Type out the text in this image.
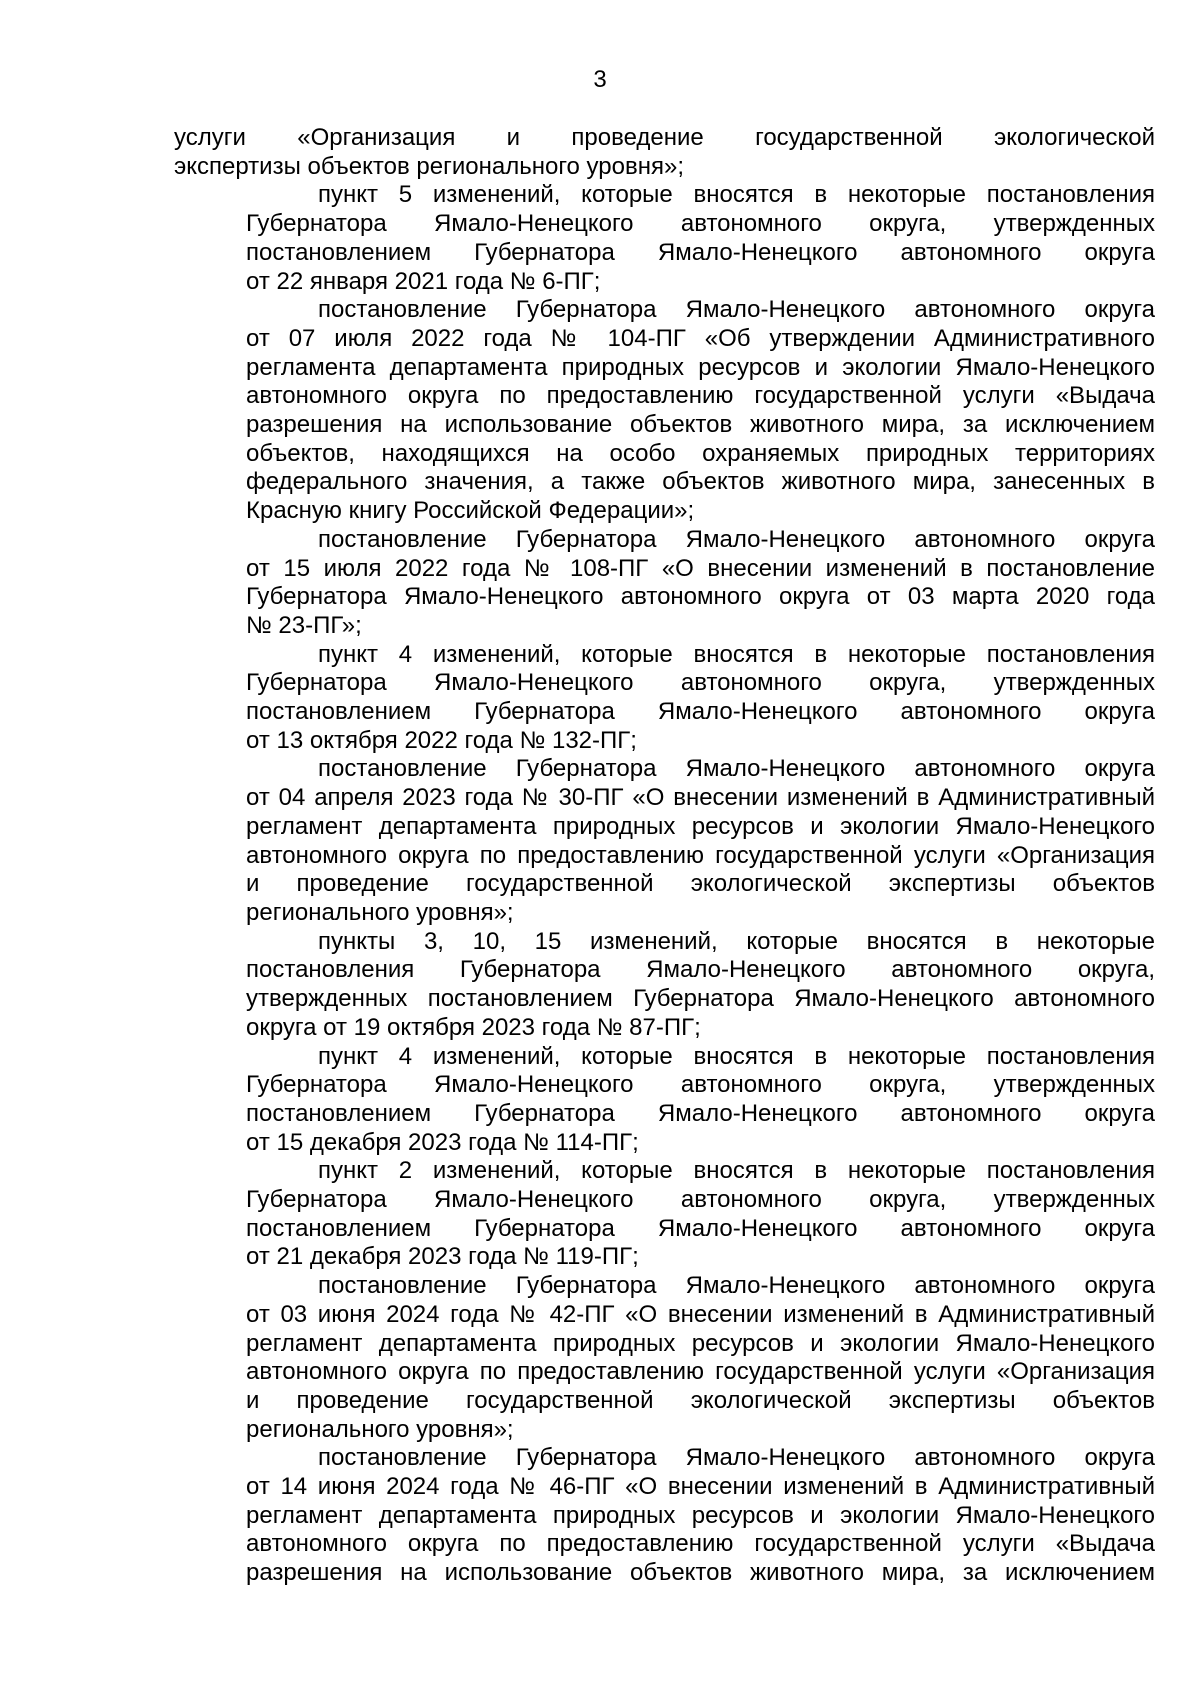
3
услуги «Организация и проведение государственной экологической
экспертизы объектов регионального уровня»;
пункт 5 изменений, которые вносятся в некоторые постановления
Губернатора Ямало-Ненецкого автономного округа, утвержденных
постановлением Губернатора Ямало-Ненецкого автономного округа
от 22 января 2021 года № 6-ПГ;
постановление Губернатора Ямало-Ненецкого автономного округа
от 07 июля 2022 года № 104-ПГ «Об утверждении Административного
регламента департамента природных ресурсов и экологии Ямало-Ненецкого
автономного округа по предоставлению государственной услуги «Выдача
разрешения на использование объектов животного мира, за исключением
объектов, находящихся на особо охраняемых природных территориях
федерального значения, а также объектов животного мира, занесенных в
Красную книгу Российской Федерации»;
постановление Губернатора Ямало-Ненецкого автономного округа
от 15 июля 2022 года № 108-ПГ «О внесении изменений в постановление
Губернатора Ямало-Ненецкого автономного округа от 03 марта 2020 года
№ 23-ПГ»;
пункт 4 изменений, которые вносятся в некоторые постановления
Губернатора Ямало-Ненецкого автономного округа, утвержденных
постановлением Губернатора Ямало-Ненецкого автономного округа
от 13 октября 2022 года № 132-ПГ;
постановление Губернатора Ямало-Ненецкого автономного округа
от 04 апреля 2023 года № 30-ПГ «О внесении изменений в Административный
регламент департамента природных ресурсов и экологии Ямало-Ненецкого
автономного округа по предоставлению государственной услуги «Организация
и проведение государственной экологической экспертизы объектов
регионального уровня»;
пункты 3, 10, 15 изменений, которые вносятся в некоторые
постановления Губернатора Ямало-Ненецкого автономного округа,
утвержденных постановлением Губернатора Ямало-Ненецкого автономного
округа от 19 октября 2023 года № 87-ПГ;
пункт 4 изменений, которые вносятся в некоторые постановления
Губернатора Ямало-Ненецкого автономного округа, утвержденных
постановлением Губернатора Ямало-Ненецкого автономного округа
от 15 декабря 2023 года № 114-ПГ;
пункт 2 изменений, которые вносятся в некоторые постановления
Губернатора Ямало-Ненецкого автономного округа, утвержденных
постановлением Губернатора Ямало-Ненецкого автономного округа
от 21 декабря 2023 года № 119-ПГ;
постановление Губернатора Ямало-Ненецкого автономного округа
от 03 июня 2024 года № 42-ПГ «О внесении изменений в Административный
регламент департамента природных ресурсов и экологии Ямало-Ненецкого
автономного округа по предоставлению государственной услуги «Организация
и проведение государственной экологической экспертизы объектов
регионального уровня»;
постановление Губернатора Ямало-Ненецкого автономного округа
от 14 июня 2024 года № 46-ПГ «О внесении изменений в Административный
регламент департамента природных ресурсов и экологии Ямало-Ненецкого
автономного округа по предоставлению государственной услуги «Выдача
разрешения на использование объектов животного мира, за исключением
